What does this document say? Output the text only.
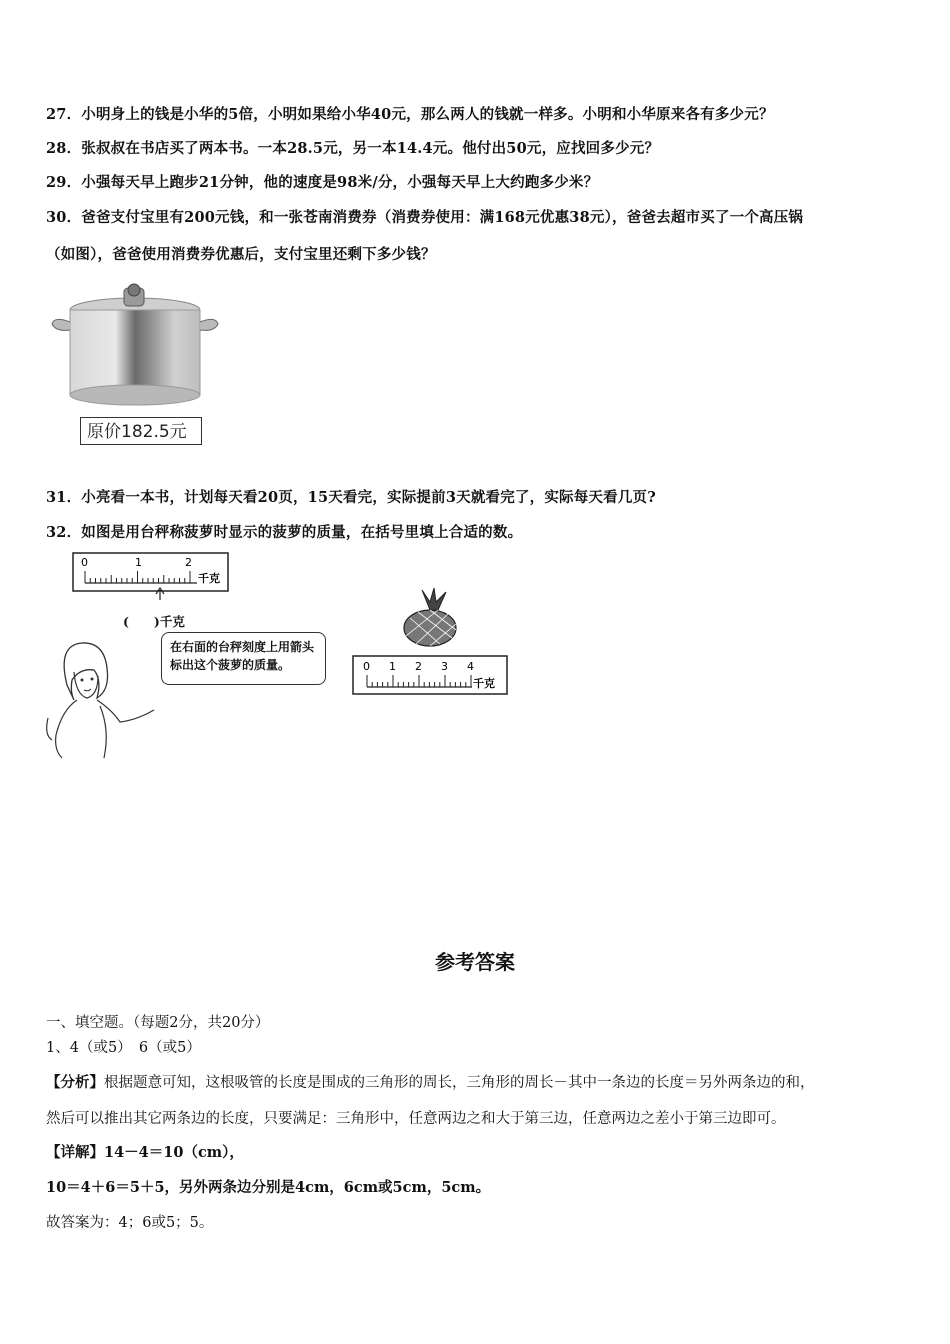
27．小明身上的钱是小华的5倍，小明如果给小华40元，那么两人的钱就一样多。小明和小华原来各有多少元？
28．张叔叔在书店买了两本书。一本28.5元，另一本14.4元。他付出50元，应找回多少元？
29．小强每天早上跑步21分钟，他的速度是98米/分，小强每天早上大约跑多少米？
30．爸爸支付宝里有200元钱，和一张苍南消费券（消费券使用：满168元优惠38元），爸爸去超市买了一个高压锅
（如图），爸爸使用消费券优惠后，支付宝里还剩下多少钱？
原价182.5元
31．小亮看一本书，计划每天看20页，15天看完，实际提前3天就看完了，实际每天看几页?
32．如图是用台秤称菠萝时显示的菠萝的质量，在括号里填上合适的数。
0	1	2
千克
(　　)千克
在右面的台秤刻度上用箭头标出这个菠萝的质量。	0 1 2 3 4
千克
参考答案
一、填空题。（每题2分，共20分）
1、4（或5）　6（或5）
【分析】根据题意可知，这根吸管的长度是围成的三角形的周长，三角形的周长－其中一条边的长度＝另外两条边的和，
然后可以推出其它两条边的长度，只要满足：三角形中，任意两边之和大于第三边，任意两边之差小于第三边即可。
【详解】14－4＝10（cm），
10＝4＋6＝5＋5，另外两条边分别是4cm，6cm或5cm，5cm。
故答案为：4；6或5；5。
